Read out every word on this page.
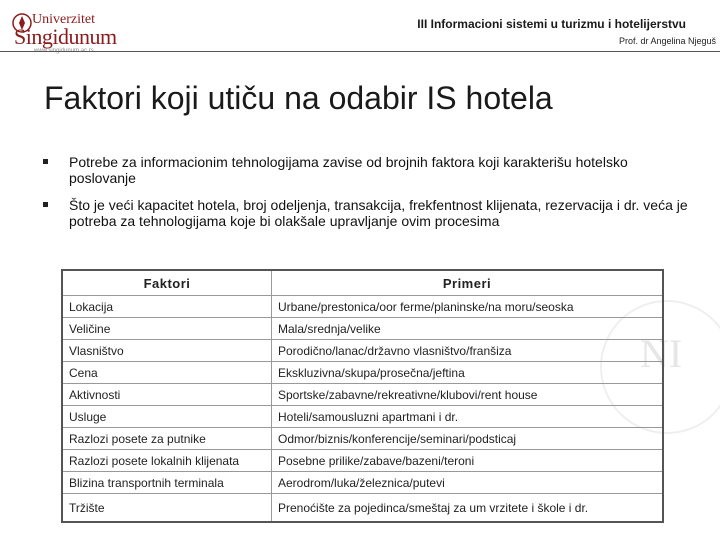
Univerzitet
Singidunum	III Informacioni sistemi u turizmu i hotelijerstvu
Prof. dr Angelina Njeguš
NI
Faktori koji utiču na odabir IS hotela
Potrebe za informacionim tehnologijama zavise od brojnih faktora koji karakterišu hotelsko poslovanje
Što je veći kapacitet hotela, broj odeljenja, transakcija, frekfentnost klijenata, rezervacija i dr. veća je potreba za tehnologijama koje bi olakšale upravljanje ovim procesima
Faktori	Primeri
Lokacija	Urbane/prestonica/oor ferme/planinske/na moru/seoska
Veličine	Mala/srednja/velike
Vlasništvo	Porodično/lanac/državno vlasništvo/franšiza
Cena	Ekskluzivna/skupa/prosečna/jeftina
Aktivnosti	Sportske/zabavne/rekreativne/klubovi/rent house
Usluge	Hoteli/samousluzni apartmani i dr.
Razlozi posete za putnike	Odmor/biznis/konferencije/seminari/podsticaj
Razlozi posete lokalnih klijenata	Posebne prilike/zabave/bazeni/teroni
Blizina transportnih terminala	Aerodrom/luka/železnica/putevi
Tržište	Prenoćište za pojedinca/smeštaj za um vrzitete i škole i dr.
